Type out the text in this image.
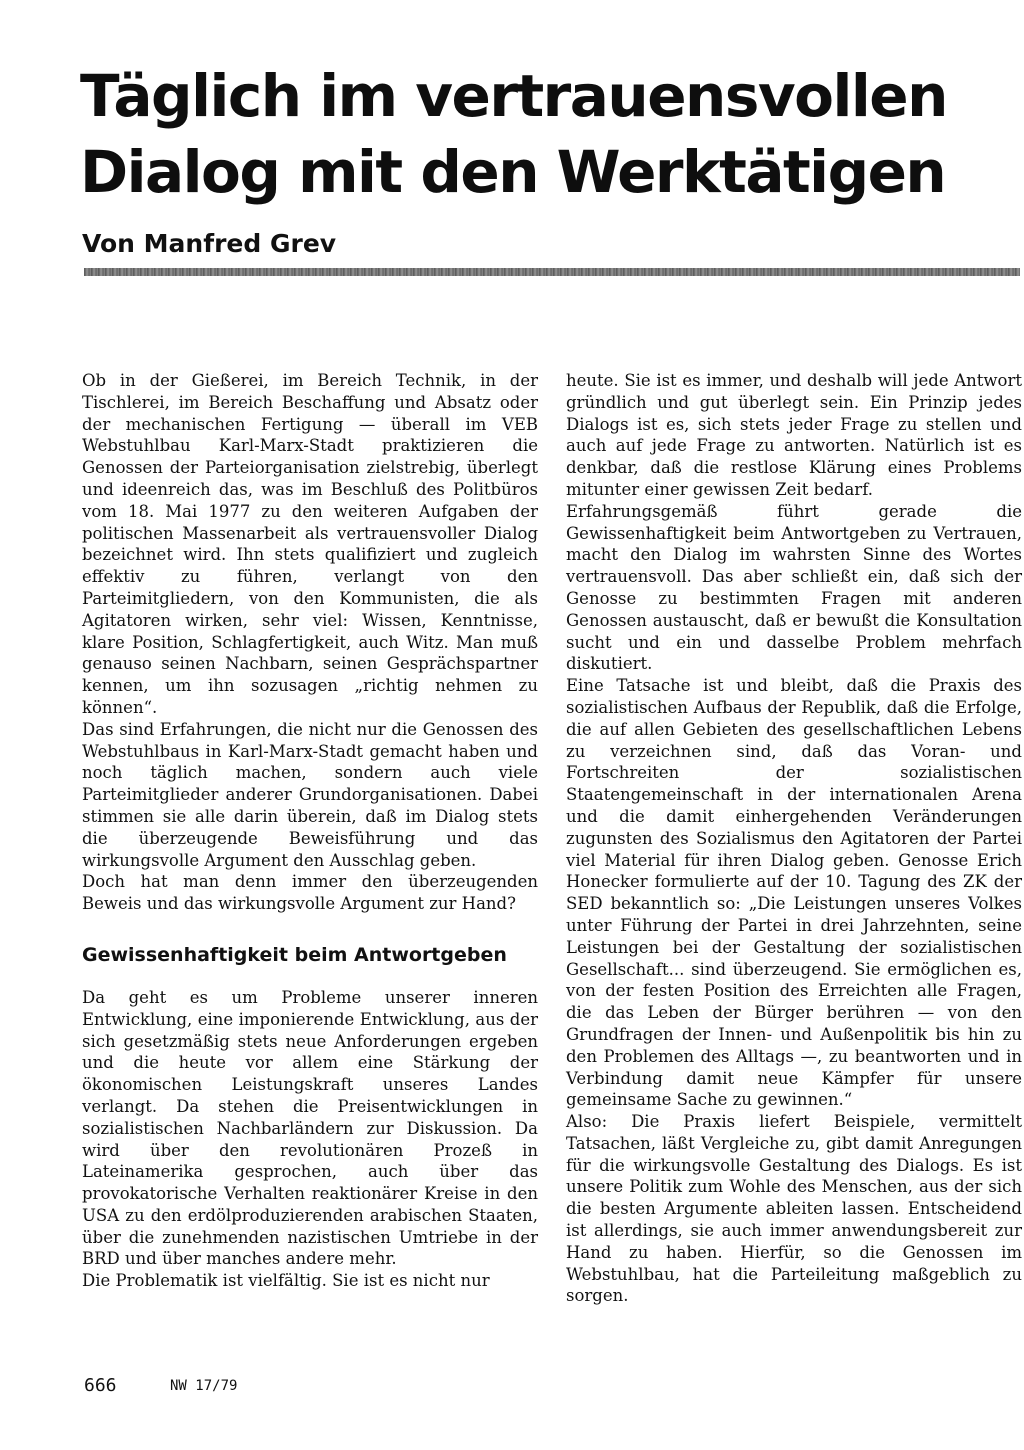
Täglich im vertrauensvollen
Dialog mit den Werktätigen
Von Manfred Grev

Ob in der Gießerei, im Bereich Technik, in der Tischlerei, im Bereich Beschaffung und Absatz oder der mechanischen Fertigung — überall im VEB Webstuhlbau Karl-Marx-Stadt praktizieren die Genossen der Parteiorganisation zielstrebig, überlegt und ideenreich das, was im Beschluß des Politbüros vom 18. Mai 1977 zu den weiteren Aufgaben der politischen Massenarbeit als vertrauensvoller Dialog bezeichnet wird. Ihn stets qualifiziert und zugleich effektiv zu führen, verlangt von den Parteimitgliedern, von den Kommunisten, die als Agitatoren wirken, sehr viel: Wissen, Kenntnisse, klare Position, Schlagfertigkeit, auch Witz. Man muß genauso seinen Nachbarn, seinen Gesprächspartner kennen, um ihn sozusagen „richtig nehmen zu können“.

Das sind Erfahrungen, die nicht nur die Genossen des Webstuhlbaus in Karl-Marx-Stadt gemacht haben und noch täglich machen, sondern auch viele Parteimitglieder anderer Grundorganisationen. Dabei stimmen sie alle darin überein, daß im Dialog stets die überzeugende Beweisführung und das wirkungsvolle Argument den Ausschlag geben.

Doch hat man denn immer den überzeugenden Beweis und das wirkungsvolle Argument zur Hand?

Gewissenhaftigkeit beim Antwortgeben

Da geht es um Probleme unserer inneren Entwicklung, eine imponierende Entwicklung, aus der sich gesetzmäßig stets neue Anforderungen ergeben und die heute vor allem eine Stärkung der ökonomischen Leistungskraft unseres Landes verlangt. Da stehen die Preisentwicklungen in sozialistischen Nachbarländern zur Diskussion. Da wird über den revolutionären Prozeß in Lateinamerika gesprochen, auch über das provokatorische Verhalten reaktionärer Kreise in den USA zu den erdölproduzierenden arabischen Staaten, über die zunehmenden nazistischen Umtriebe in der BRD und über manches andere mehr.

Die Problematik ist vielfältig. Sie ist es nicht nur

heute. Sie ist es immer, und deshalb will jede Antwort gründlich und gut überlegt sein. Ein Prinzip jedes Dialogs ist es, sich stets jeder Frage zu stellen und auch auf jede Frage zu antworten. Natürlich ist es denkbar, daß die restlose Klärung eines Problems mitunter einer gewissen Zeit bedarf.

Erfahrungsgemäß führt gerade die Gewissenhaftigkeit beim Antwortgeben zu Vertrauen, macht den Dialog im wahrsten Sinne des Wortes vertrauensvoll. Das aber schließt ein, daß sich der Genosse zu bestimmten Fragen mit anderen Genossen austauscht, daß er bewußt die Konsultation sucht und ein und dasselbe Problem mehrfach diskutiert.

Eine Tatsache ist und bleibt, daß die Praxis des sozialistischen Aufbaus der Republik, daß die Erfolge, die auf allen Gebieten des gesellschaftlichen Lebens zu verzeichnen sind, daß das Voran- und Fortschreiten der sozialistischen Staatengemeinschaft in der internationalen Arena und die damit einhergehenden Veränderungen zugunsten des Sozialismus den Agitatoren der Partei viel Material für ihren Dialog geben. Genosse Erich Honecker formulierte auf der 10. Tagung des ZK der SED bekanntlich so: „Die Leistungen unseres Volkes unter Führung der Partei in drei Jahrzehnten, seine Leistungen bei der Gestaltung der sozialistischen Gesellschaft... sind überzeugend. Sie ermöglichen es, von der festen Position des Erreichten alle Fragen, die das Leben der Bürger berühren — von den Grundfragen der Innen- und Außenpolitik bis hin zu den Problemen des Alltags —, zu beantworten und in Verbindung damit neue Kämpfer für unsere gemeinsame Sache zu gewinnen.“

Also: Die Praxis liefert Beispiele, vermittelt Tatsachen, läßt Vergleiche zu, gibt damit Anregungen für die wirkungsvolle Gestaltung des Dialogs. Es ist unsere Politik zum Wohle des Menschen, aus der sich die besten Argumente ableiten lassen. Entscheidend ist allerdings, sie auch immer anwendungsbereit zur Hand zu haben. Hierfür, so die Genossen im Webstuhlbau, hat die Parteileitung maßgeblich zu sorgen.

666	NW 17/79
